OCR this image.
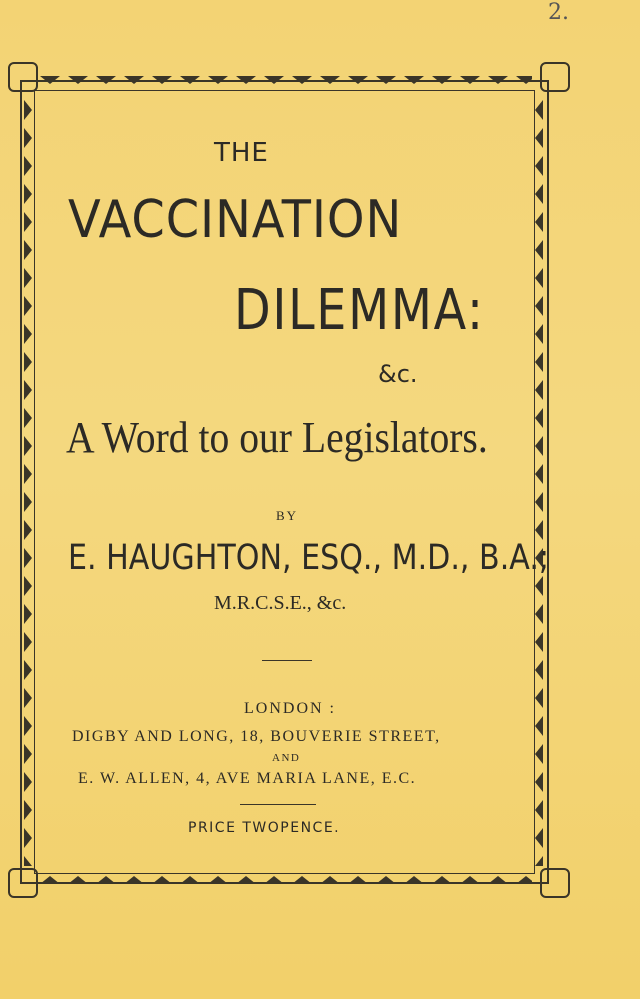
2.
THE
VACCINATION
DILEMMA:
&c.
A Word to our Legislators.
BY
E. HAUGHTON, ESQ., M.D., B.A.;
M.R.C.S.E., &c.
LONDON :
DIGBY AND LONG, 18, BOUVERIE STREET,
AND
E. W. ALLEN, 4, AVE MARIA LANE, E.C.
PRICE TWOPENCE.
